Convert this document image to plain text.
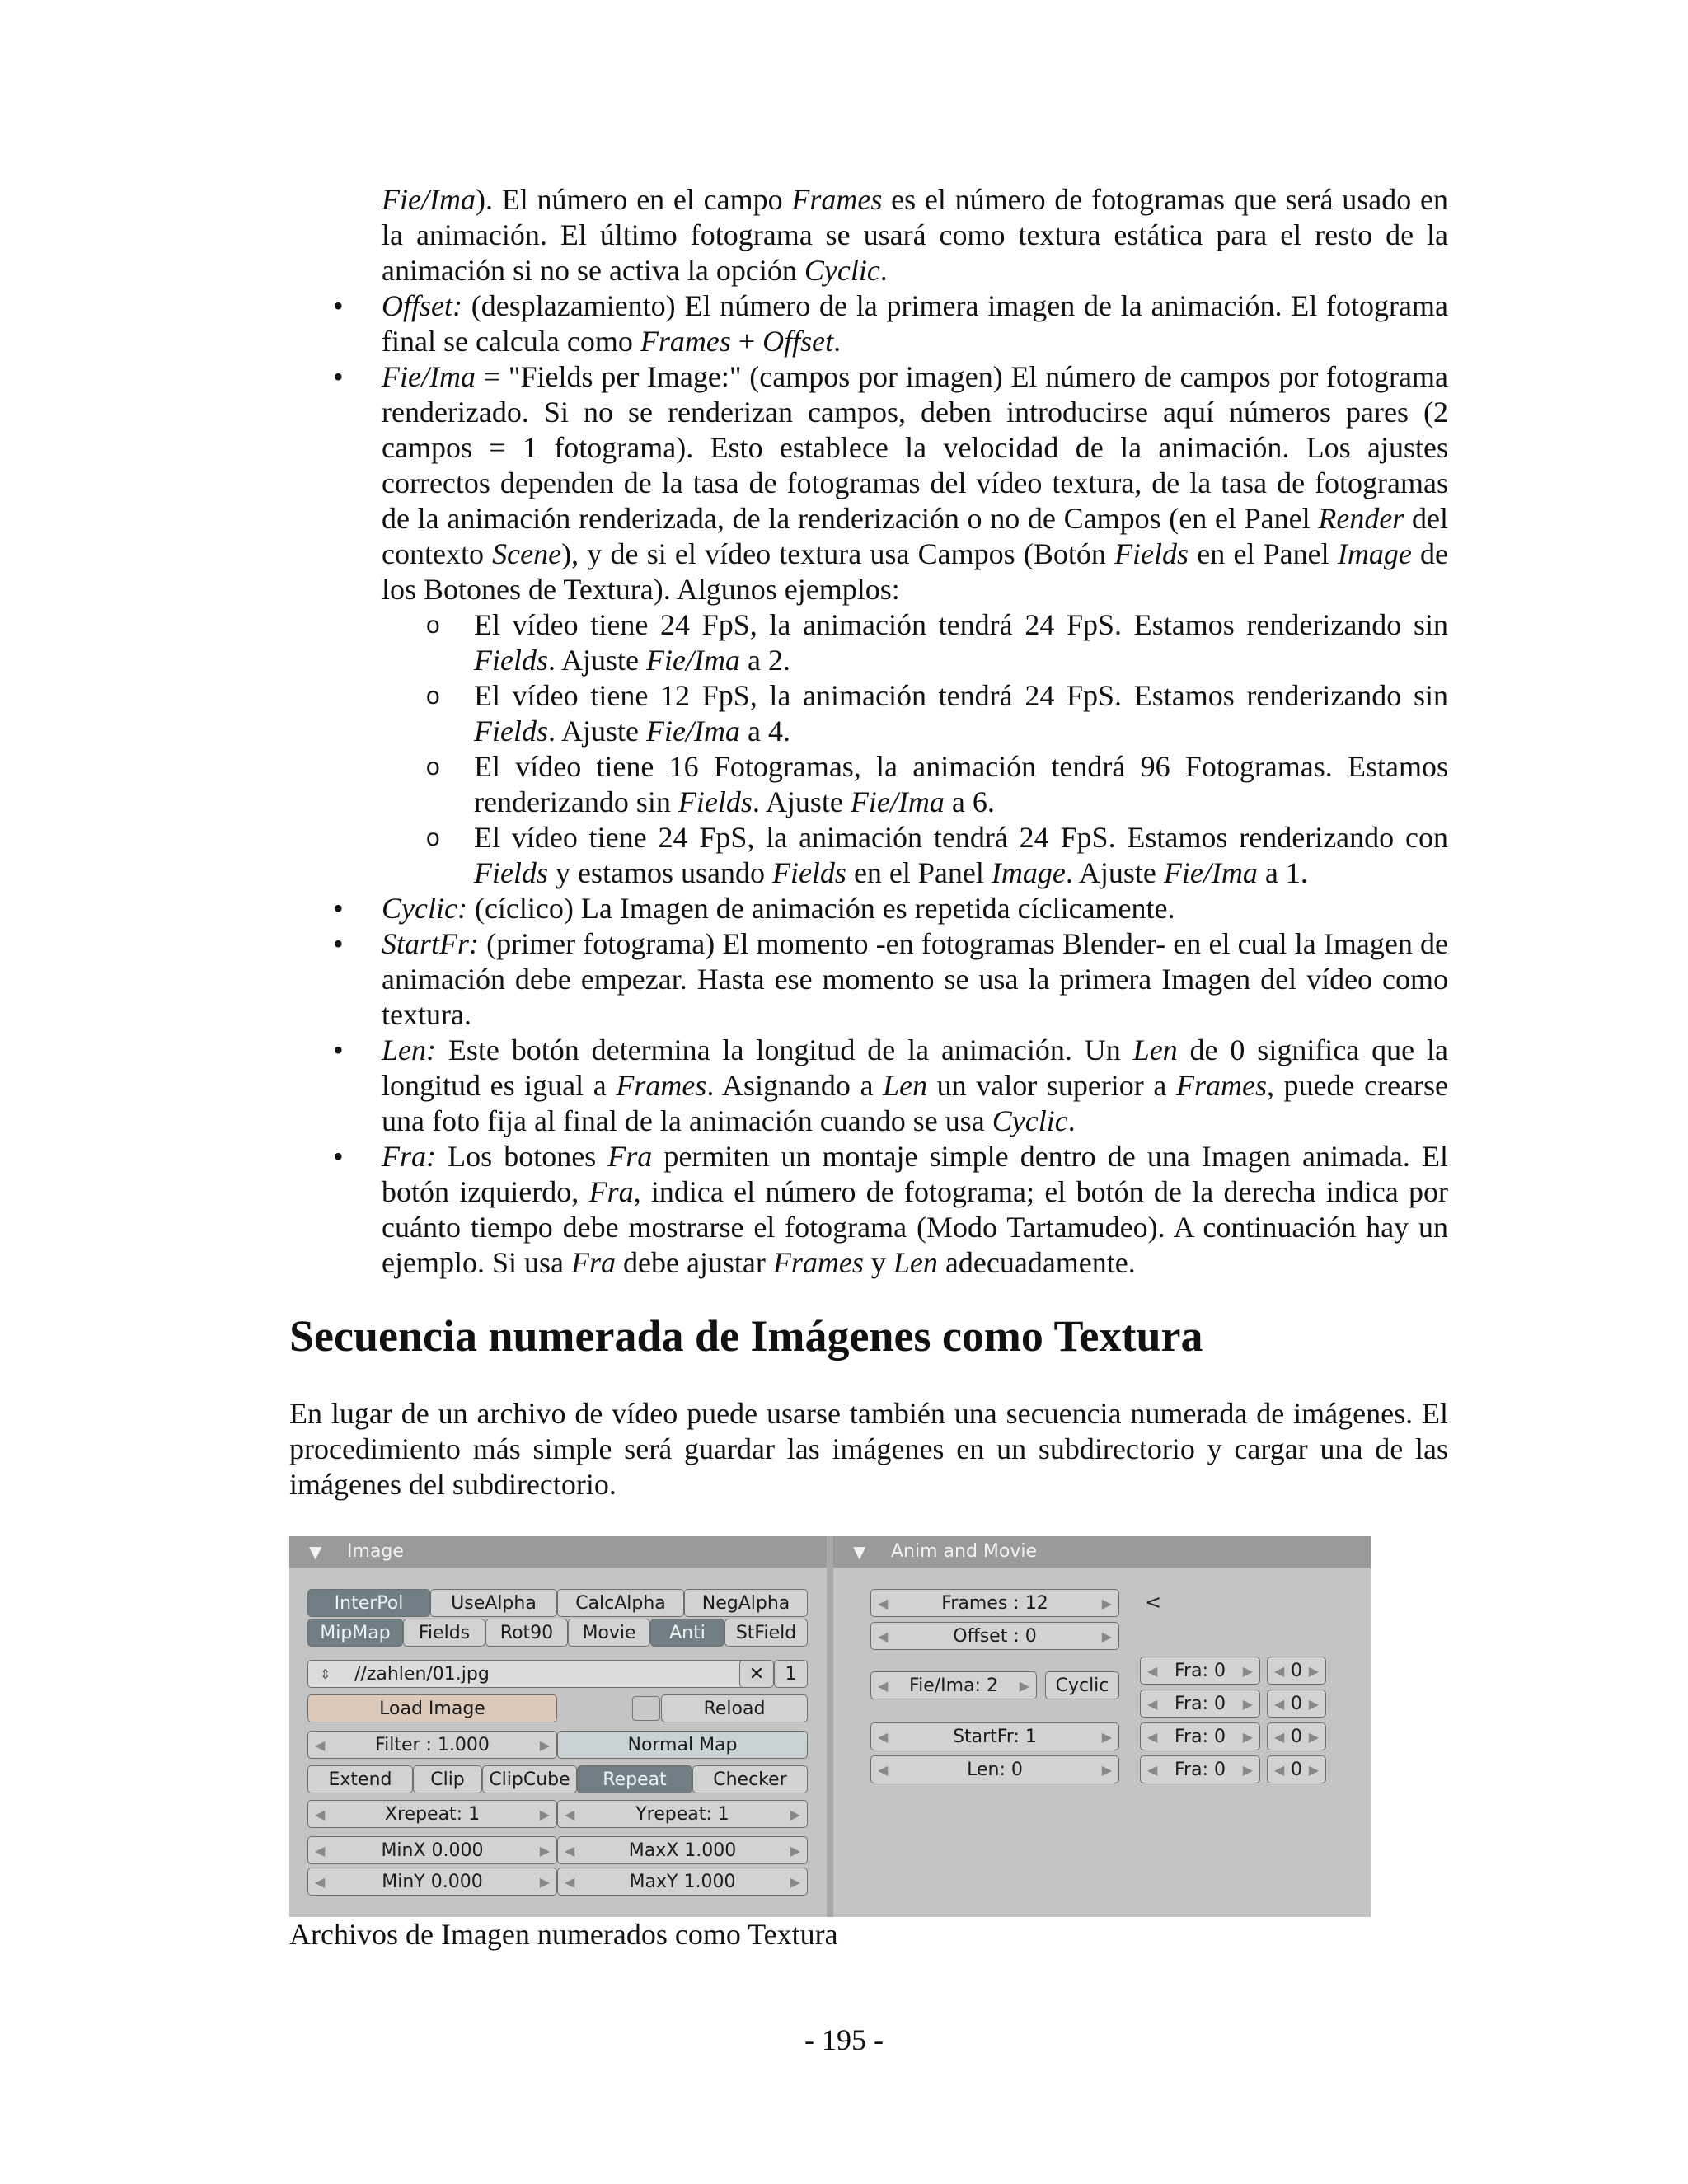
Fie/Ima). El número en el campo Frames es el número de fotogramas que será usado en la animación. El último fotograma se usará como textura estática para el resto de la animación si no se activa la opción Cyclic.
• Offset: (desplazamiento) El número de la primera imagen de la animación. El fotograma final se calcula como Frames + Offset.
• Fie/Ima = "Fields per Image:" (campos por imagen) El número de campos por fotograma renderizado. Si no se renderizan campos, deben introducirse aquí números pares (2 campos = 1 fotograma). Esto establece la velocidad de la animación. Los ajustes correctos dependen de la tasa de fotogramas del vídeo textura, de la tasa de fotogramas de la animación renderizada, de la renderización o no de Campos (en el Panel Render del contexto Scene), y de si el vídeo textura usa Campos (Botón Fields en el Panel Image de los Botones de Textura). Algunos ejemplos:
o El vídeo tiene 24 FpS, la animación tendrá 24 FpS. Estamos renderizando sin Fields. Ajuste Fie/Ima a 2.
o El vídeo tiene 12 FpS, la animación tendrá 24 FpS. Estamos renderizando sin Fields. Ajuste Fie/Ima a 4.
o El vídeo tiene 16 Fotogramas, la animación tendrá 96 Fotogramas. Estamos renderizando sin Fields. Ajuste Fie/Ima a 6.
o El vídeo tiene 24 FpS, la animación tendrá 24 FpS. Estamos renderizando con Fields y estamos usando Fields en el Panel Image. Ajuste Fie/Ima a 1.
• Cyclic: (cíclico) La Imagen de animación es repetida cíclicamente.
• StartFr: (primer fotograma) El momento -en fotogramas Blender- en el cual la Imagen de animación debe empezar. Hasta ese momento se usa la primera Imagen del vídeo como textura.
• Len: Este botón determina la longitud de la animación. Un Len de 0 significa que la longitud es igual a Frames. Asignando a Len un valor superior a Frames, puede crearse una foto fija al final de la animación cuando se usa Cyclic.
• Fra: Los botones Fra permiten un montaje simple dentro de una Imagen animada. El botón izquierdo, Fra, indica el número de fotograma; el botón de la derecha indica por cuánto tiempo debe mostrarse el fotograma (Modo Tartamudeo). A continuación hay un ejemplo. Si usa Fra debe ajustar Frames y Len adecuadamente.
Secuencia numerada de Imágenes como Textura
En lugar de un archivo de vídeo puede usarse también una secuencia numerada de imágenes. El procedimiento más simple será guardar las imágenes en un subdirectorio y cargar una de las imágenes del subdirectorio.
▼ Image
InterPol	UseAlpha	CalcAlpha	NegAlpha
MipMap	Fields	Rot90	Movie	Anti	StField
⇕ //zahlen/01.jpg	✕	1
Load Image	Reload
◀	Filter : 1.000	▶	Normal Map
Extend	Clip	ClipCube	Repeat	Checker
◀	Xrepeat: 1	▶ ◀	Yrepeat: 1	▶
◀	MinX 0.000	▶ ◀	MaxX 1.000	▶
◀	MinY 0.000	▶ ◀	MaxY 1.000	▶
▼ Anim and Movie
◀	Frames : 12	▶ <
◀	Offset : 0	▶
◀ Fie/Ima: 2 ▶	Cyclic
◀	StartFr: 1	▶
◀	Len: 0	▶
◀ Fra: 0 ▶
◀ Fra: 0 ▶
◀ Fra: 0 ▶
◀ Fra: 0 ▶
◀ 0 ▶
◀ 0 ▶
◀ 0 ▶
◀ 0 ▶
Archivos de Imagen numerados como Textura
- 195 -
